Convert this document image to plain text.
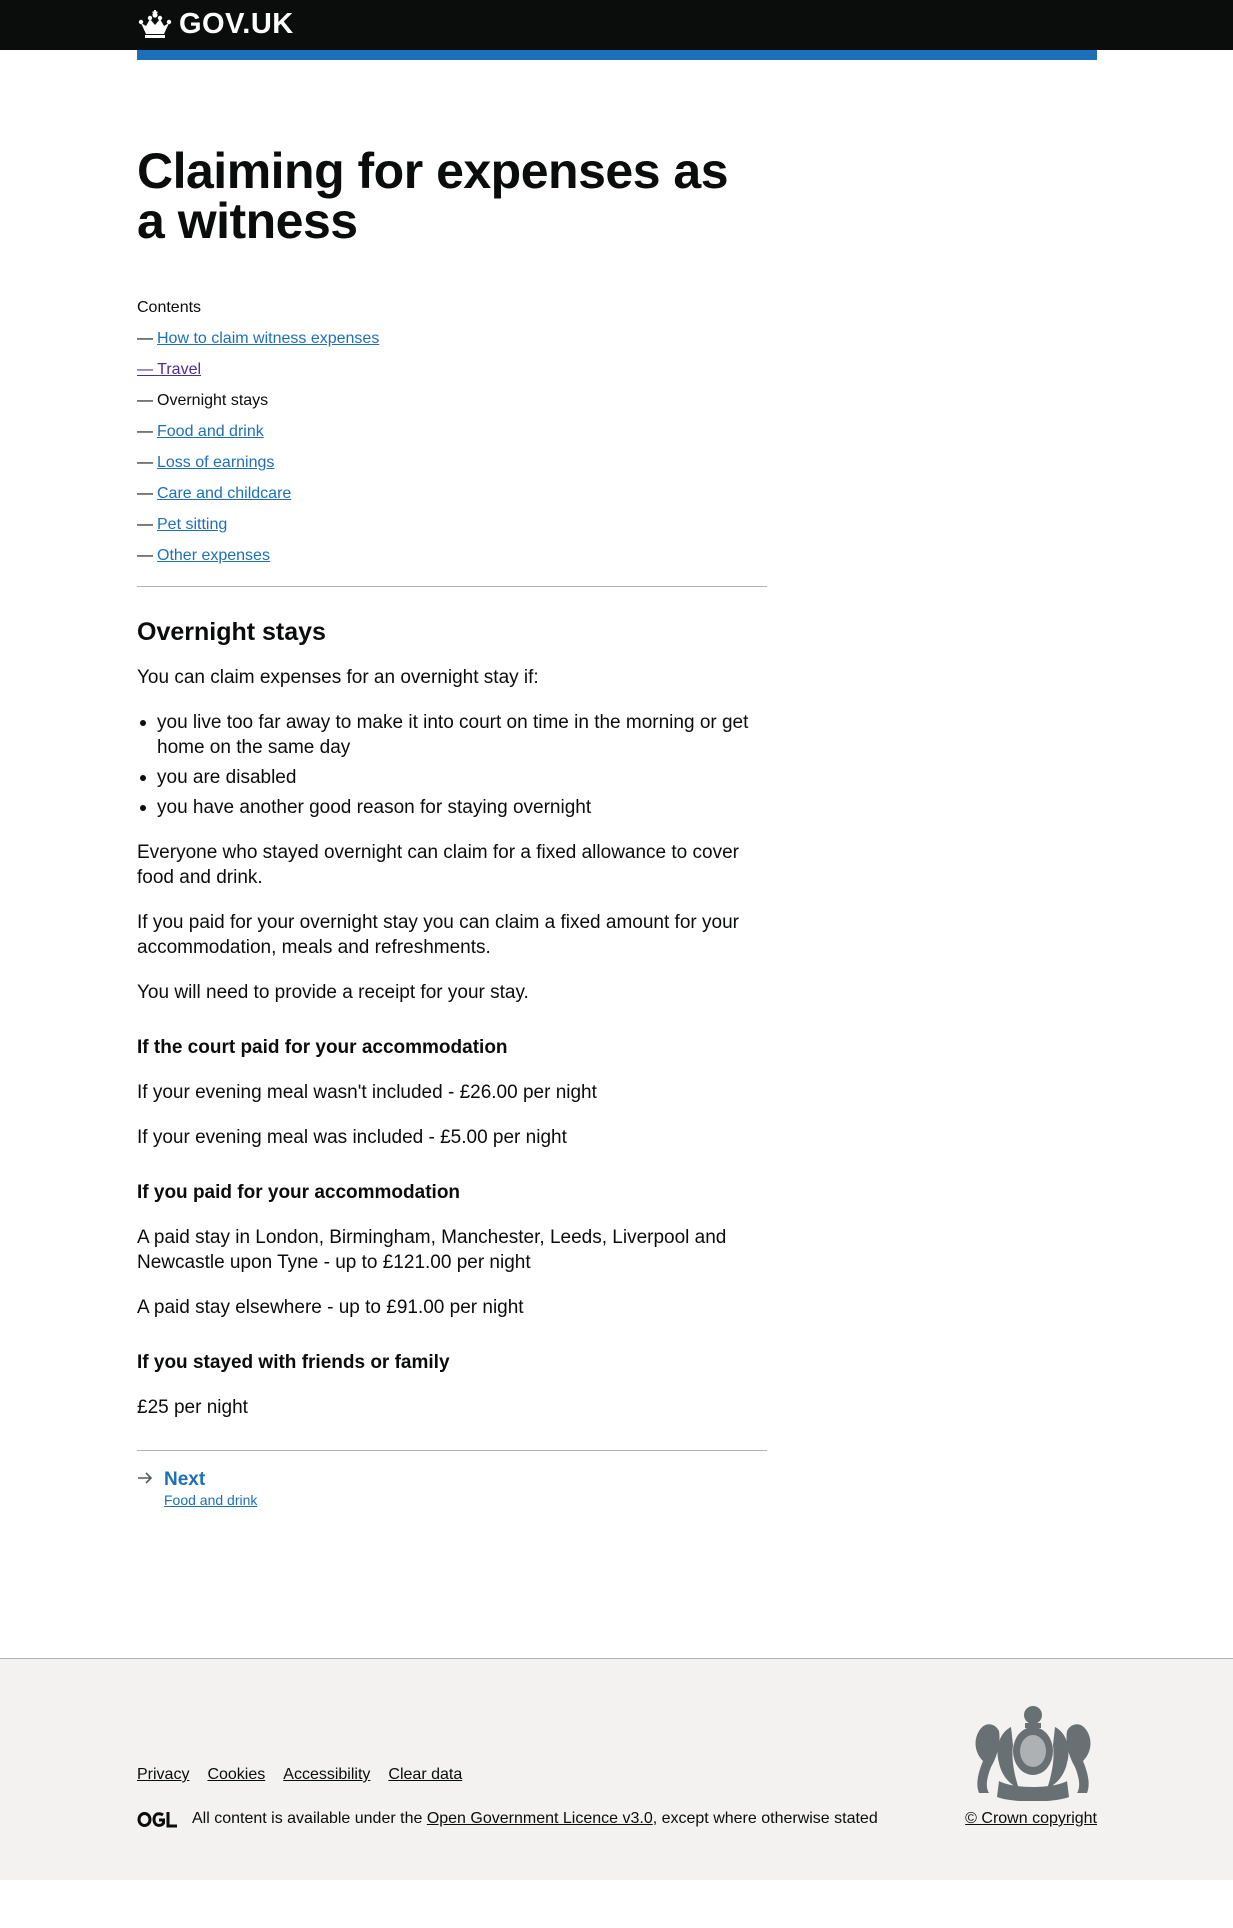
GOV.UK
Claiming for expenses as a witness
Contents
— How to claim witness expenses
— Travel
— Overnight stays
— Food and drink
— Loss of earnings
— Care and childcare
— Pet sitting
— Other expenses
Overnight stays

You can claim expenses for an overnight stay if:

you live too far away to make it into court on time in the morning or get home on the same day
you are disabled
you have another good reason for staying overnight

Everyone who stayed overnight can claim for a fixed allowance to cover food and drink.

If you paid for your overnight stay you can claim a fixed amount for your accommodation, meals and refreshments.

You will need to provide a receipt for your stay.

If the court paid for your accommodation

If your evening meal wasn't included - £26.00 per night

If your evening meal was included - £5.00 per night

If you paid for your accommodation

A paid stay in London, Birmingham, Manchester, Leeds, Liverpool and Newcastle upon Tyne - up to £121.00 per night

A paid stay elsewhere - up to £91.00 per night

If you stayed with friends or family

£25 per night

Next
Food and drink
Privacy Cookies Accessibility Clear data
All content is available under the Open Government Licence v3.0 , except where otherwise stated	© Crown copyright
